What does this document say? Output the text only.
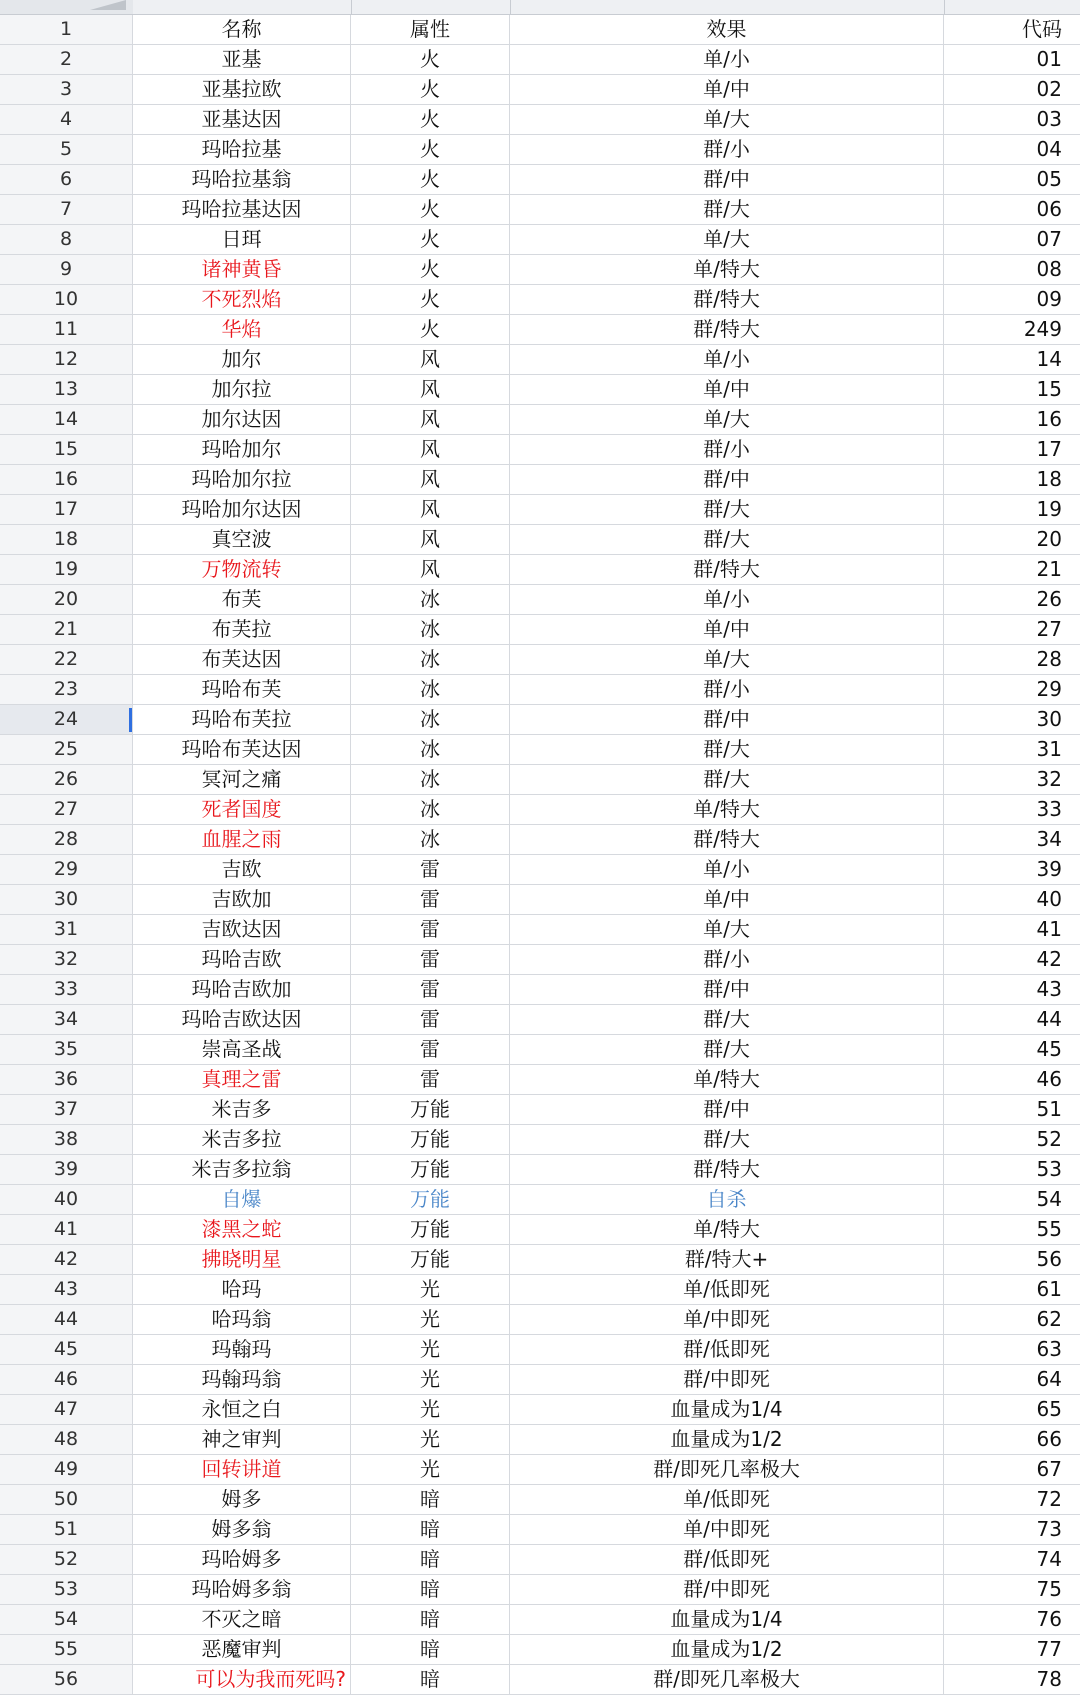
1	名称	属性	效果	代码
2	亚基	火	单/小	01
3	亚基拉欧	火	单/中	02
4	亚基达因	火	单/大	03
5	玛哈拉基	火	群/小	04
6	玛哈拉基翁	火	群/中	05
7	玛哈拉基达因	火	群/大	06
8	日珥	火	单/大	07
9	诸神黄昏	火	单/特大	08
10	不死烈焰	火	群/特大	09
11	华焰	火	群/特大	249
12	加尔	风	单/小	14
13	加尔拉	风	单/中	15
14	加尔达因	风	单/大	16
15	玛哈加尔	风	群/小	17
16	玛哈加尔拉	风	群/中	18
17	玛哈加尔达因	风	群/大	19
18	真空波	风	群/大	20
19	万物流转	风	群/特大	21
20	布芙	冰	单/小	26
21	布芙拉	冰	单/中	27
22	布芙达因	冰	单/大	28
23	玛哈布芙	冰	群/小	29
24	玛哈布芙拉	冰	群/中	30
25	玛哈布芙达因	冰	群/大	31
26	冥河之痛	冰	群/大	32
27	死者国度	冰	单/特大	33
28	血腥之雨	冰	群/特大	34
29	吉欧	雷	单/小	39
30	吉欧加	雷	单/中	40
31	吉欧达因	雷	单/大	41
32	玛哈吉欧	雷	群/小	42
33	玛哈吉欧加	雷	群/中	43
34	玛哈吉欧达因	雷	群/大	44
35	崇高圣战	雷	群/大	45
36	真理之雷	雷	单/特大	46
37	米吉多	万能	群/中	51
38	米吉多拉	万能	群/大	52
39	米吉多拉翁	万能	群/特大	53
40	自爆	万能	自杀	54
41	漆黑之蛇	万能	单/特大	55
42	拂晓明星	万能	群/特大+	56
43	哈玛	光	单/低即死	61
44	哈玛翁	光	单/中即死	62
45	玛翰玛	光	群/低即死	63
46	玛翰玛翁	光	群/中即死	64
47	永恒之白	光	血量成为1/4	65
48	神之审判	光	血量成为1/2	66
49	回转讲道	光	群/即死几率极大	67
50	姆多	暗	单/低即死	72
51	姆多翁	暗	单/中即死	73
52	玛哈姆多	暗	群/低即死	74
53	玛哈姆多翁	暗	群/中即死	75
54	不灭之暗	暗	血量成为1/4	76
55	恶魔审判	暗	血量成为1/2	77
56	可以为我而死吗?	暗	群/即死几率极大	78
